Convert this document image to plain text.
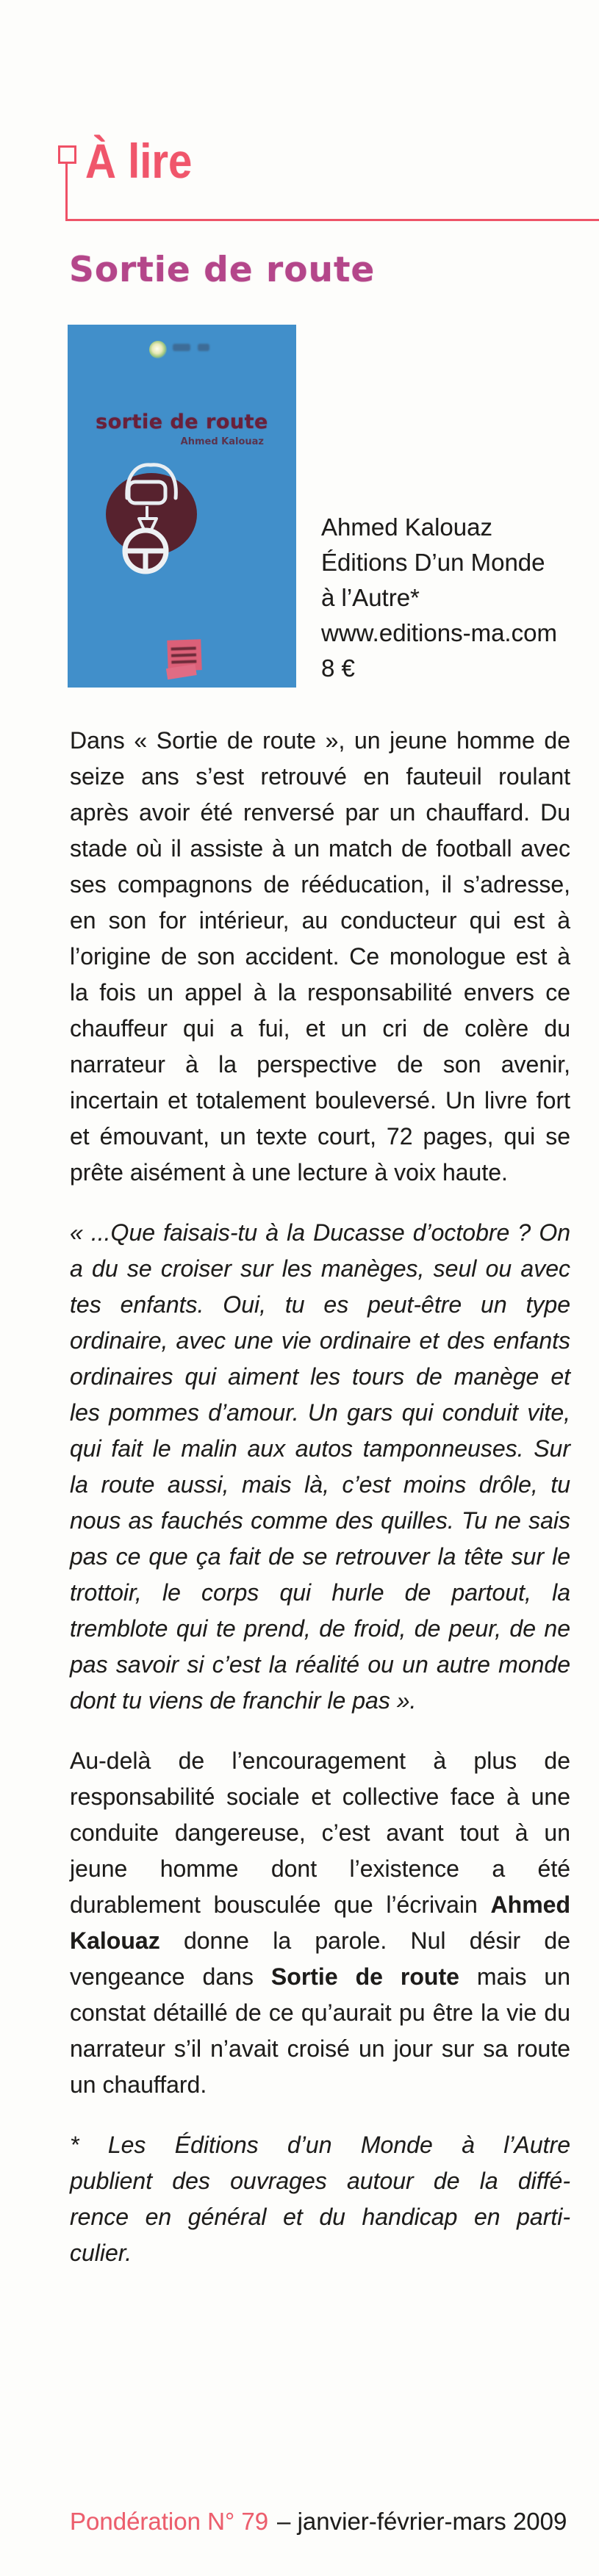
À lire
Sortie de route
sortie de route
Ahmed Kalouaz
Ahmed Kalouaz
Éditions D’un Monde
à l’Autre*
www.editions-ma.com
8 €

Dans « Sortie de route », un jeune homme de seize ans s’est retrouvé en fauteuil roulant après avoir été renversé par un chauffard. Du stade où il assiste à un match de football avec ses compagnons de rééducation, il s’adresse, en son for intérieur, au conducteur qui est à l’origine de son accident. Ce monologue est à la fois un appel à la responsabilité envers ce chauffeur qui a fui, et un cri de colère du narrateur à la perspective de son avenir, incertain et totalement bouleversé. Un livre fort et émouvant, un texte court, 72 pages, qui se prête aisément à une lecture à voix haute.

« ...Que faisais-tu à la Ducasse d’octobre ? On a du se croiser sur les manèges, seul ou avec tes enfants. Oui, tu es peut-être un type ordinaire, avec une vie ordinaire et des enfants ordinaires qui aiment les tours de manège et les pommes d’amour. Un gars qui conduit vite, qui fait le malin aux autos tamponneuses. Sur la route aussi, mais là, c’est moins drôle, tu nous as fauchés comme des quilles. Tu ne sais pas ce que ça fait de se retrouver la tête sur le trottoir, le corps qui hurle de partout, la tremblote qui te prend, de froid, de peur, de ne pas savoir si c’est la réalité ou un autre monde dont tu viens de franchir le pas ».

Au-delà de l’encouragement à plus de responsabilité sociale et collective face à une conduite dangereuse, c’est avant tout à un jeune homme dont l’existence a été durablement bousculée que l’écrivain Ahmed Kalouaz donne la parole. Nul désir de vengeance dans Sortie de route mais un constat détaillé de ce qu’aurait pu être la vie du narrateur s’il n’avait croisé un jour sur sa route un chauffard.

* Les Éditions d’un Monde à l’Autre
publient des ouvrages autour de la diffé-
rence en général et du handicap en parti-
culier.
Pondération N° 79 – janvier-février-mars 2009
